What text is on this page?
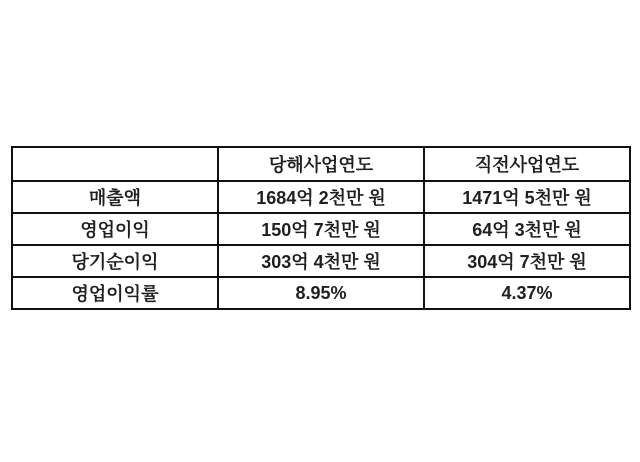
	당해사업연도	직전사업연도
매출액	1684억 2천만 원	1471억 5천만 원
영업이익	150억 7천만 원	64억 3천만 원
당기순이익	303억 4천만 원	304억 7천만 원
영업이익률	8.95%	4.37%
